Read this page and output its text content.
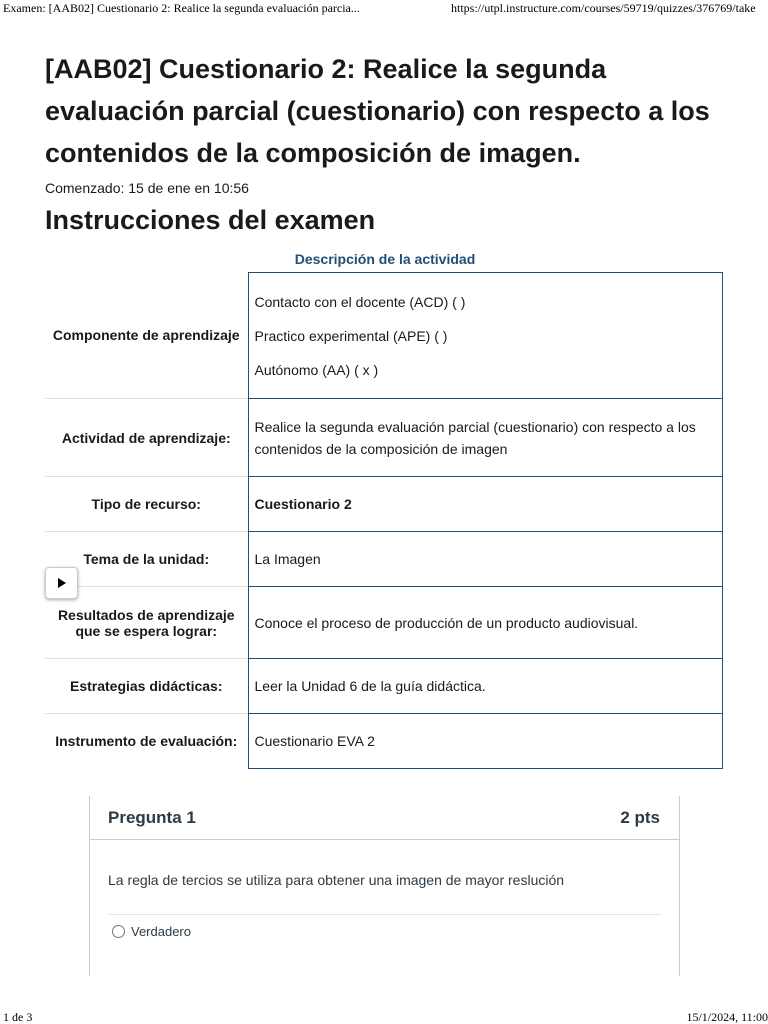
Examen: [AAB02] Cuestionario 2: Realice la segunda evaluación parcia...	https://utpl.instructure.com/courses/59719/quizzes/376769/take
[AAB02] Cuestionario 2: Realice la segunda evaluación parcial (cuestionario) con respecto a los contenidos de la composición de imagen.
Comenzado: 15 de ene en 10:56
Instrucciones del examen
Descripción de la actividad
Componente de aprendizaje	Contacto con el docente (ACD) ( )
Practico experimental (APE) ( )
Autónomo (AA) ( x )

Actividad de aprendizaje:	Realice la segunda evaluación parcial (cuestionario) con respecto a los contenidos de la composición de imagen
Tipo de recurso:	Cuestionario 2
Tema de la unidad:	La Imagen
Resultados de aprendizaje que se espera lograr:	Conoce el proceso de producción de un producto audiovisual.
Estrategias didácticas:	Leer la Unidad 6 de la guía didáctica.
Instrumento de evaluación:	Cuestionario EVA 2
Pregunta 1	2 pts
La regla de tercios se utiliza para obtener una imagen de mayor reslución
Verdadero
1 de 3	15/1/2024, 11:00
